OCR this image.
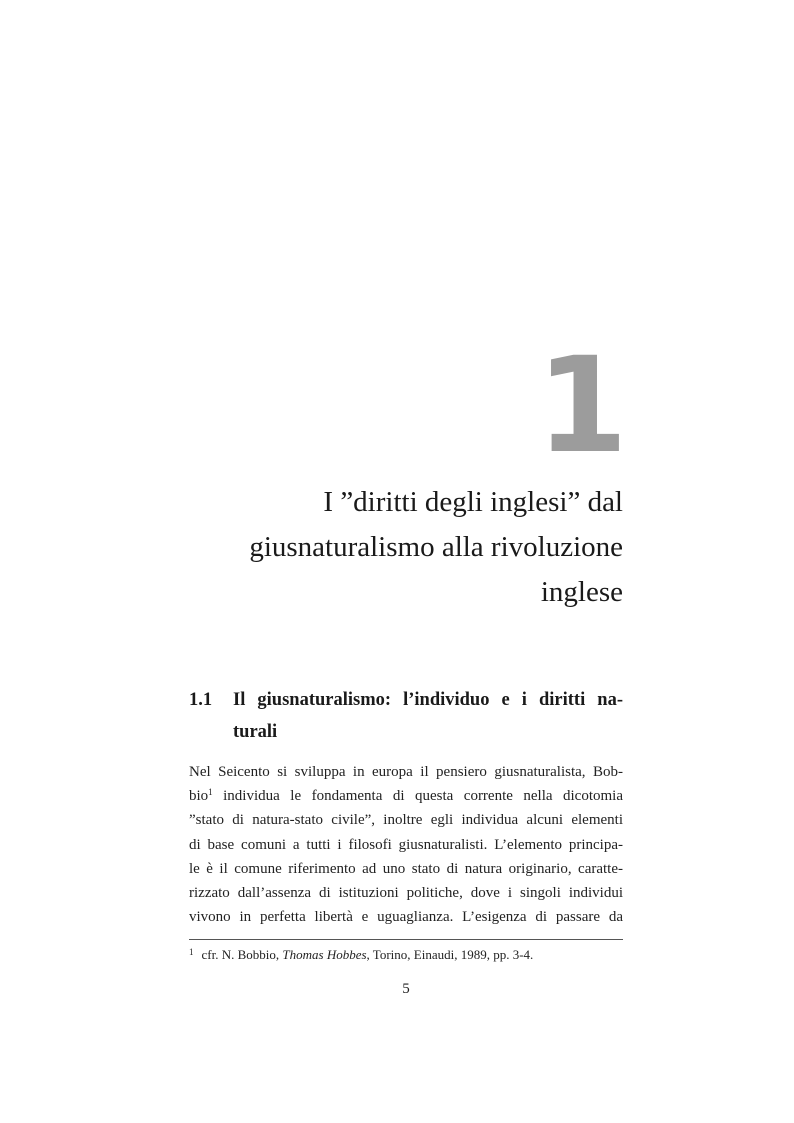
1
I ”diritti degli inglesi” dal
giusnaturalismo alla rivoluzione
inglese
1.1	Il giusnaturalismo: l’individuo e i diritti na-
turali
Nel Seicento si sviluppa in europa il pensiero giusnaturalista, Bob-
bio$^1$ individua le fondamenta di questa corrente nella dicotomia
”stato di natura-stato civile”, inoltre egli individua alcuni elementi
di base comuni a tutti i filosofi giusnaturalisti. L’elemento principa-
le è il comune riferimento ad uno stato di natura originario, caratte-
rizzato dall’assenza di istituzioni politiche, dove i singoli individui
vivono in perfetta libertà e uguaglianza. L’esigenza di passare da
$^1$ cfr. N. Bobbio, Thomas Hobbes, Torino, Einaudi, 1989, pp. 3-4.
5
